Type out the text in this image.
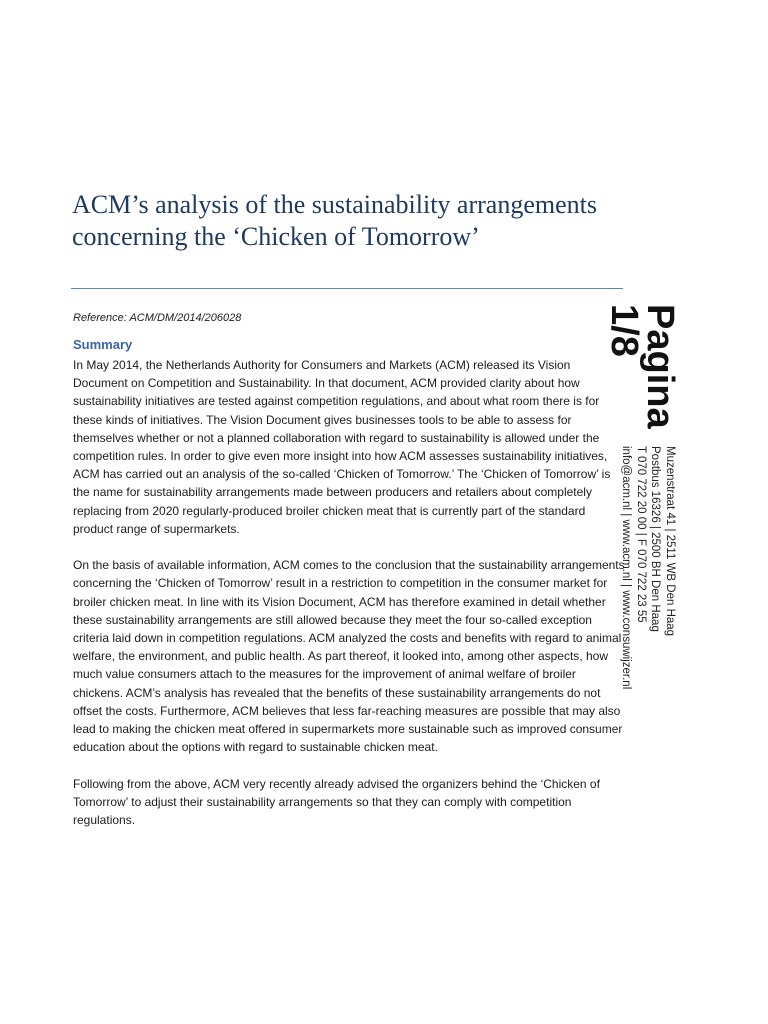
ACM’s analysis of the sustainability arrangements concerning the ‘Chicken of Tomorrow’

Reference: ACM/DM/2014/206028

Summary

In May 2014, the Netherlands Authority for Consumers and Markets (ACM) released its Vision Document on Competition and Sustainability. In that document, ACM provided clarity about how sustainability initiatives are tested against competition regulations, and about what room there is for these kinds of initiatives. The Vision Document gives businesses tools to be able to assess for themselves whether or not a planned collaboration with regard to sustainability is allowed under the competition rules. In order to give even more insight into how ACM assesses sustainability initiatives, ACM has carried out an analysis of the so-called ‘Chicken of Tomorrow.’ The ‘Chicken of Tomorrow’ is the name for sustainability arrangements made between producers and retailers about completely replacing from 2020 regularly-produced broiler chicken meat that is currently part of the standard product range of supermarkets.

On the basis of available information, ACM comes to the conclusion that the sustainability arrangements concerning the ‘Chicken of Tomorrow’ result in a restriction to competition in the consumer market for broiler chicken meat. In line with its Vision Document, ACM has therefore examined in detail whether these sustainability arrangements are still allowed because they meet the four so-called exception criteria laid down in competition regulations. ACM analyzed the costs and benefits with regard to animal welfare, the environment, and public health. As part thereof, it looked into, among other aspects, how much value consumers attach to the measures for the improvement of animal welfare of broiler chickens. ACM’s analysis has revealed that the benefits of these sustainability arrangements do not offset the costs. Furthermore, ACM believes that less far-reaching measures are possible that may also lead to making the chicken meat offered in supermarkets more sustainable such as improved consumer education about the options with regard to sustainable chicken meat.

Following from the above, ACM very recently already advised the organizers behind the ‘Chicken of Tomorrow’ to adjust their sustainability arrangements so that they can comply with competition regulations.

Pagina

1/8

Muzenstraat 41 | 2511 WB Den Haag
Postbus 16326 | 2500 BH Den Haag
T 070 722 20 00 | F 070 722 23 55
info@acm.nl | www.acm.nl | www.consuwijzer.nl
